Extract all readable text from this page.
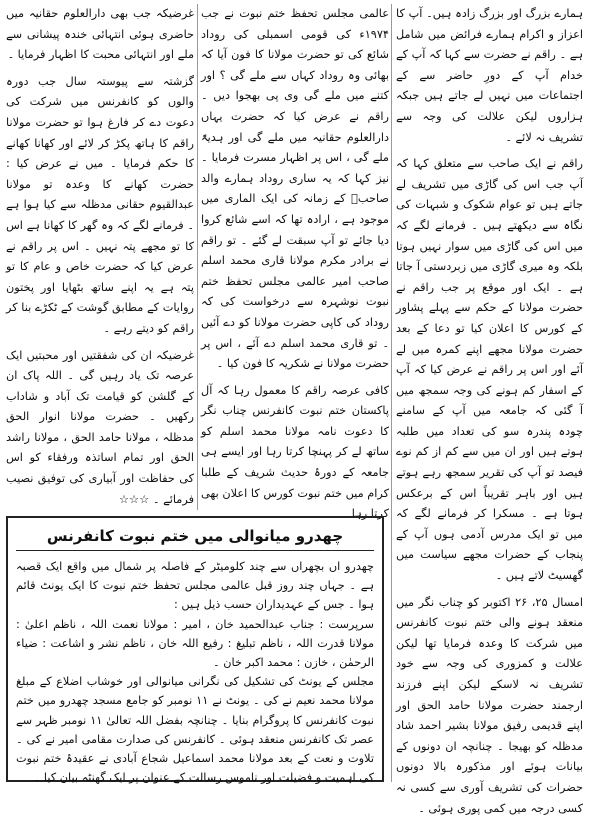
ہمارے بزرگ اور بزرگ زادہ ہیں۔ آپ کا اعزاز و اکرام ہمارے فرائض میں شامل ہے ۔ راقم نے حضرت سے کہا کہ آپ کے خدام آپ کے دورِ حاضر سے کے اجتماعات میں نہیں لے جاتے ہیں جبکہ ہزاروں لیکن علالت کی وجہ سے تشریف نہ لائے ۔

راقم نے ایک صاحب سے متعلق کہا کہ آپ جب اس کی گاڑی میں تشریف لے جاتے ہیں تو عوام شکوک و شبہات کی نگاہ سے دیکھتے ہیں ۔ فرمانے لگے کہ میں اس کی گاڑی میں سوار نہیں ہوتا بلکہ وہ میری گاڑی میں زبردستی آ جاتا ہے ۔ ایک اور موقع پر جب راقم نے حضرت مولانا کے حکم سے پہلے پشاور کے کورس کا اعلان کیا تو دعا کے بعد حضرت مولانا مجھے اپنے کمرہ میں لے آئے اور اس پر راقم نے عرض کیا کہ آپ کے اسفار کم ہونے کی وجہ سمجھ میں آ گئی کہ جامعہ میں آپ کے سامنے چودہ پندرہ سو کی تعداد میں طلبہ ہوتے ہیں اور ان میں سے کم از کم نوے فیصد تو آپ کی تقریر سمجھ رہے ہوتے ہیں اور باہر تقریباً اس کے برعکس ہوتا ہے ۔ مسکرا کر فرمانے لگے کہ میں تو ایک مدرس آدمی ہوں آپ کے پنجاب کے حضرات مجھے سیاست میں گھسیٹ لاتے ہیں ۔

امسال ۲۵، ۲۶ اکتوبر کو چناب نگر میں منعقد ہونے والی ختم نبوت کانفرنس میں شرکت کا وعدہ فرمایا تھا لیکن علالت و کمزوری کی وجہ سے خود تشریف نہ لاسکے لیکن اپنے فرزند ارجمند حضرت مولانا حامد الحق اور اپنے قدیمی رفیق مولانا بشیر احمد شاد مدظلہ کو بھیجا ۔ چنانچہ ان دونوں کے بیانات ہوئے اور مذکورہ بالا دونوں حضرات کی تشریف آوری سے کسی نہ کسی درجہ میں کمی پوری ہوئی ۔

عالمی مجلس تحفظ ختم نبوت نے جب ۱۹۷۴ء کی قومی اسمبلی کی روداد شائع کی تو حضرت مولانا کا فون آیا کہ بھائی وہ روداد کہاں سے ملے گی ؟ اور کتنے میں ملے گی وی پی بھجوا دیں ۔ راقم نے عرض کیا کہ حضرت یہاں دارالعلوم حقانیہ میں ملے گی اور ہدیۃً ملے گی ، اس پر اظہار مسرت فرمایا ۔ نیز کہا کہ یہ ساری روداد ہمارے والد صاحبؒ کے زمانہ کی ایک الماری میں موجود ہے ، ارادہ تھا کہ اسے شائع کروا دیا جائے تو آپ سبقت لے گئے ۔ تو راقم نے برادر مکرم مولانا قاری محمد اسلم صاحب امیر عالمی مجلس تحفظ ختم نبوت نوشہرہ سے درخواست کی کہ روداد کی کاپی حضرت مولانا کو دے آئیں ۔ تو قاری محمد اسلم دے آئے ، اس پر حضرت مولانا نے شکریہ کا فون کیا ۔

کافی عرصہ راقم کا معمول رہا کہ آل پاکستان ختم نبوت کانفرنس چناب نگر کا دعوت نامہ مولانا محمد اسلم کو ساتھ لے کر پہنچا کرتا رہا اور ایسے ہی جامعہ کے دورۂ حدیث شریف کے طلبا کرام میں ختم نبوت کورس کا اعلان بھی کرتا رہا ۔

غرضیکہ جب بھی دارالعلوم حقانیہ میں حاضری ہوئی انتہائی خندہ پیشانی سے ملے اور انتہائی محبت کا اظہار فرمایا ۔

گزشتہ سے پیوستہ سال جب دورہ والوں کو کانفرنس میں شرکت کی دعوت دے کر فارغ ہوا تو حضرت مولانا راقم کا ہاتھ پکڑ کر لائے اور کھانا کھانے کا حکم فرمایا ۔ میں نے عرض کیا : حضرت کھانے کا وعدہ تو مولانا عبدالقیوم حقانی مدظلہ سے کیا ہوا ہے ۔ فرمانے لگے کہ وہ گھر کا کھانا ہے اس کا تو مجھے پتہ نہیں ۔ اس پر راقم نے عرض کیا کہ حضرت خاص و عام کا تو پتہ ہے یہ اپنے ساتھ بٹھایا اور پختون روایات کے مطابق گوشت کے ٹکڑے بنا کر راقم کو دیتے رہے ۔

غرضیکہ ان کی شفقتیں اور محبتیں ایک عرصہ تک یاد رہیں گی ۔ اللہ پاک ان کے گلشن کو قیامت تک آباد و شاداب رکھیں ۔ حضرت مولانا انوار الحق مدظلہ ، مولانا حامد الحق ، مولانا راشد الحق اور تمام اساتذہ ورفقاء کو اس کی حفاظت اور آبیاری کی توفیق نصیب فرمائے ۔ ☆☆☆

چھدرو میانوالی میں ختم نبوت کانفرنس

چھدرو اں بچھراں سے چند کلومیٹر کے فاصلہ پر شمال میں واقع ایک قصبہ ہے ۔ جہاں چند روز قبل عالمی مجلس تحفظ ختم نبوت کا ایک یونٹ قائم ہوا ۔ جس کے عہدیداران حسب ذیل ہیں :

سرپرست : جناب عبدالحمید خان ، امیر : مولانا نعمت اللہ ، ناظم اعلیٰ : مولانا قدرت اللہ ، ناظم تبلیغ : رفیع اللہ خان ، ناظم نشر و اشاعت : ضیاء الرحمٰن ، خازن : محمد اکبر خان ۔

مجلس کے یونٹ کی تشکیل کی نگرانی میانوالی اور خوشاب اضلاع کے مبلغ مولانا محمد نعیم نے کی ۔ یونٹ نے ۱۱ نومبر کو جامع مسجد چھدرو میں ختم نبوت کانفرنس کا پروگرام بنایا ۔ چنانچہ بفضل اللہ تعالیٰ ۱۱ نومبر ظہر سے عصر تک کانفرنس منعقد ہوئی ۔ کانفرنس کی صدارت مقامی امیر نے کی ۔ تلاوت و نعت کے بعد مولانا محمد اسماعیل شجاع آبادی نے عقیدۂ ختم نبوت کی اہمیت و فضیلت اور ناموس رسالت کے عنوان پر ایک گھنٹہ بیان کیا ۔
